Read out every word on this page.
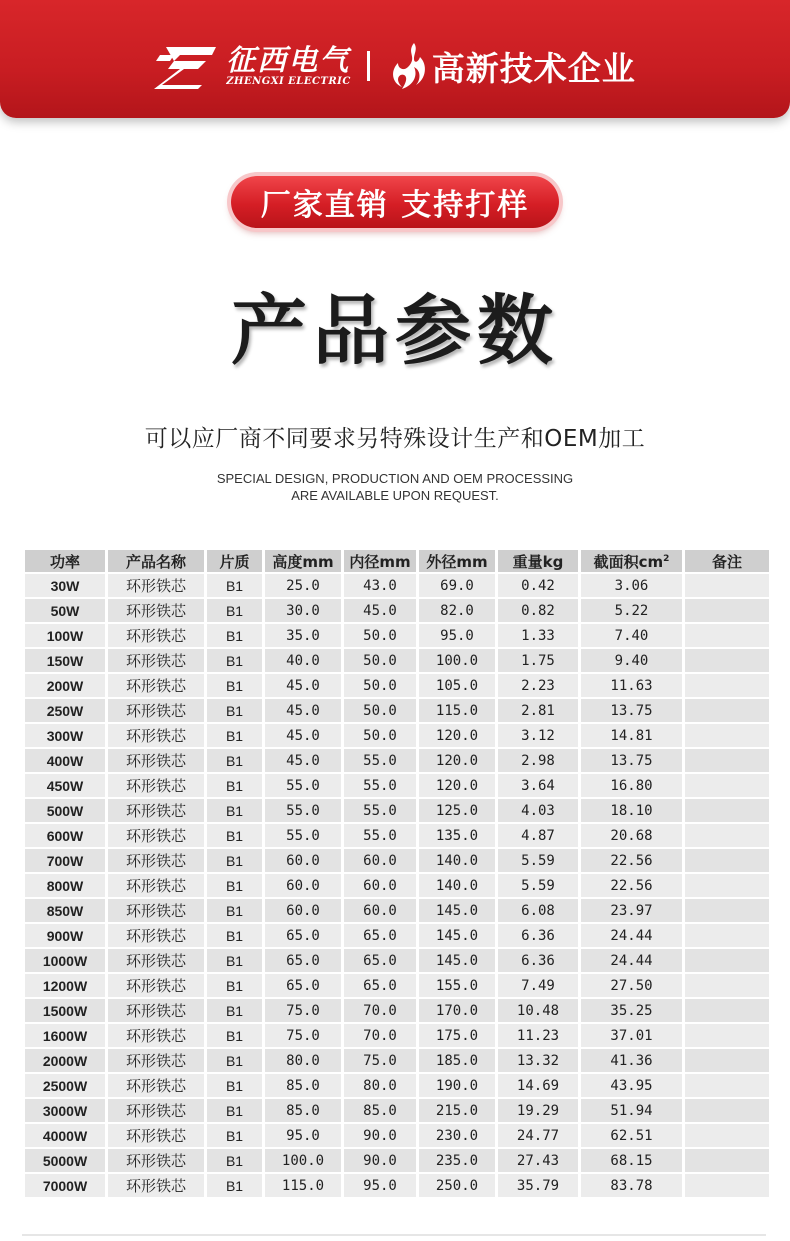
征西电气
ZHENGXI ELECTRIC 高新技术企业
厂家直销 支持打样
产品参数
可以应厂商不同要求另特殊设计生产和OEM加工
SPECIAL DESIGN, PRODUCTION AND OEM PROCESSING
ARE AVAILABLE UPON REQUEST.
功率	产品名称	片质	高度mm	内径mm	外径mm	重量kg	截面积$cm^2$	备注
30W	环形铁芯	B1	25.0	43.0	69.0	0.42	3.06	
50W	环形铁芯	B1	30.0	45.0	82.0	0.82	5.22	
100W	环形铁芯	B1	35.0	50.0	95.0	1.33	7.40	
150W	环形铁芯	B1	40.0	50.0	100.0	1.75	9.40	
200W	环形铁芯	B1	45.0	50.0	105.0	2.23	11.63	
250W	环形铁芯	B1	45.0	50.0	115.0	2.81	13.75	
300W	环形铁芯	B1	45.0	50.0	120.0	3.12	14.81	
400W	环形铁芯	B1	45.0	55.0	120.0	2.98	13.75	
450W	环形铁芯	B1	55.0	55.0	120.0	3.64	16.80	
500W	环形铁芯	B1	55.0	55.0	125.0	4.03	18.10	
600W	环形铁芯	B1	55.0	55.0	135.0	4.87	20.68	
700W	环形铁芯	B1	60.0	60.0	140.0	5.59	22.56	
800W	环形铁芯	B1	60.0	60.0	140.0	5.59	22.56	
850W	环形铁芯	B1	60.0	60.0	145.0	6.08	23.97	
900W	环形铁芯	B1	65.0	65.0	145.0	6.36	24.44	
1000W	环形铁芯	B1	65.0	65.0	145.0	6.36	24.44	
1200W	环形铁芯	B1	65.0	65.0	155.0	7.49	27.50	
1500W	环形铁芯	B1	75.0	70.0	170.0	10.48	35.25	
1600W	环形铁芯	B1	75.0	70.0	175.0	11.23	37.01	
2000W	环形铁芯	B1	80.0	75.0	185.0	13.32	41.36	
2500W	环形铁芯	B1	85.0	80.0	190.0	14.69	43.95	
3000W	环形铁芯	B1	85.0	85.0	215.0	19.29	51.94	
4000W	环形铁芯	B1	95.0	90.0	230.0	24.77	62.51	
5000W	环形铁芯	B1	100.0	90.0	235.0	27.43	68.15	
7000W	环形铁芯	B1	115.0	95.0	250.0	35.79	83.78	
